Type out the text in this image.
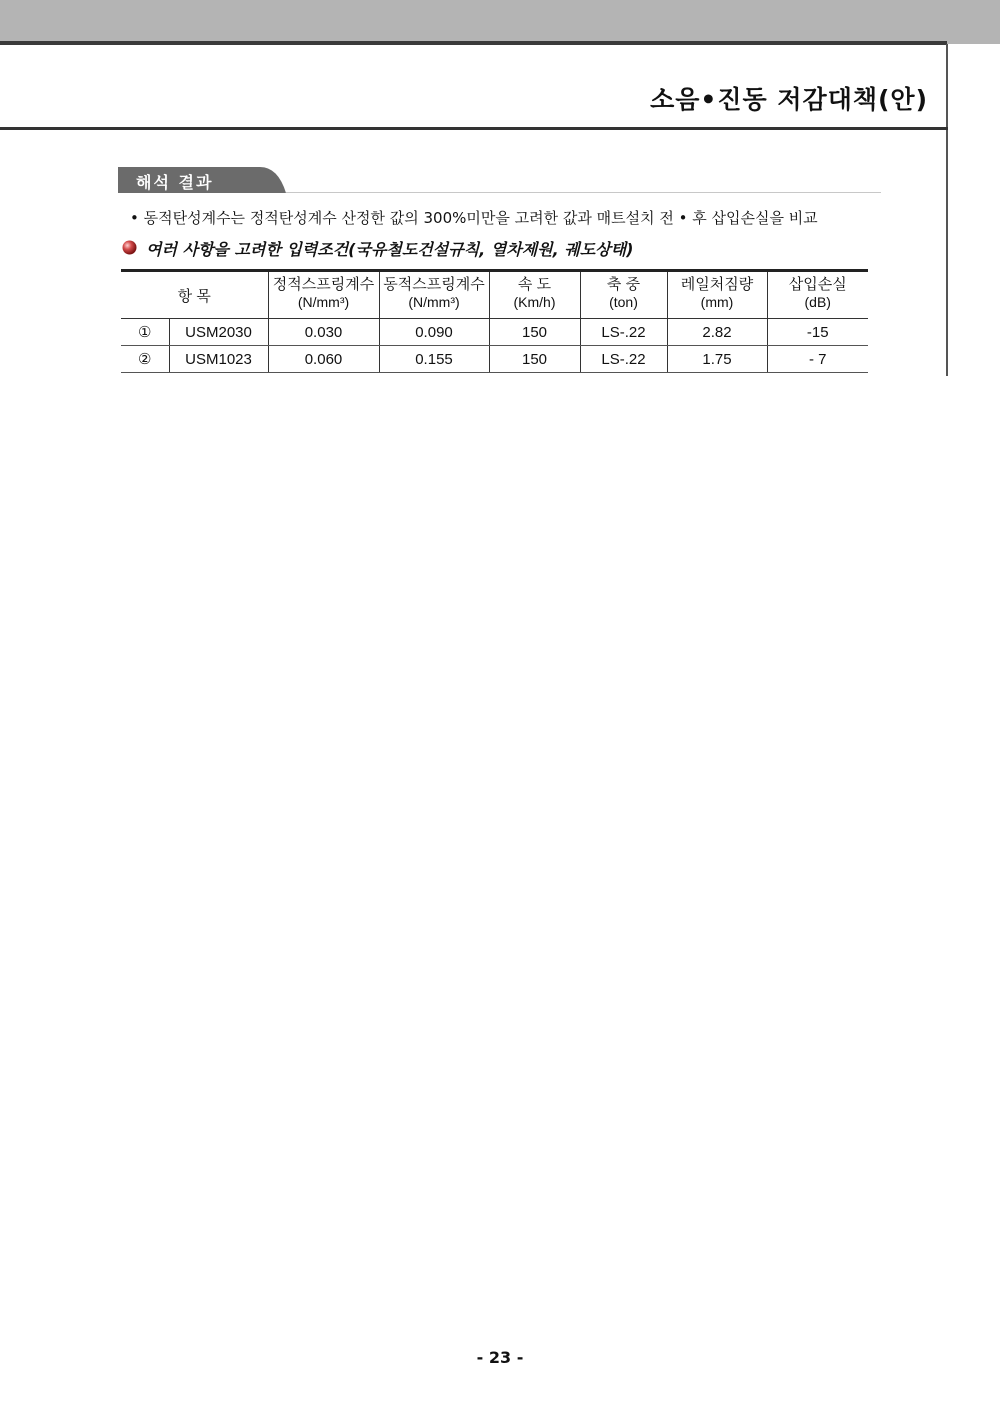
소음•진동 저감대책(안)
해석 결과
• 동적탄성계수는 정적탄성계수 산정한 값의 300%미만을 고려한 값과 매트설치 전 • 후 삽입손실을 비교
여러 사항을 고려한 입력조건(국유철도건설규칙, 열차제원, 궤도상태)
항 목		정적스프링계수	동적스프링계수	속 도	축 중	레일처짐량	삽입손실
		(N/mm³)	(N/mm³)	(Km/h)	(ton)	(mm)	(dB)
①	USM2030	0.030	0.090	150	LS-.22	2.82	-15
②	USM1023	0.060	0.155	150	LS-.22	1.75	- 7
- 23 -
